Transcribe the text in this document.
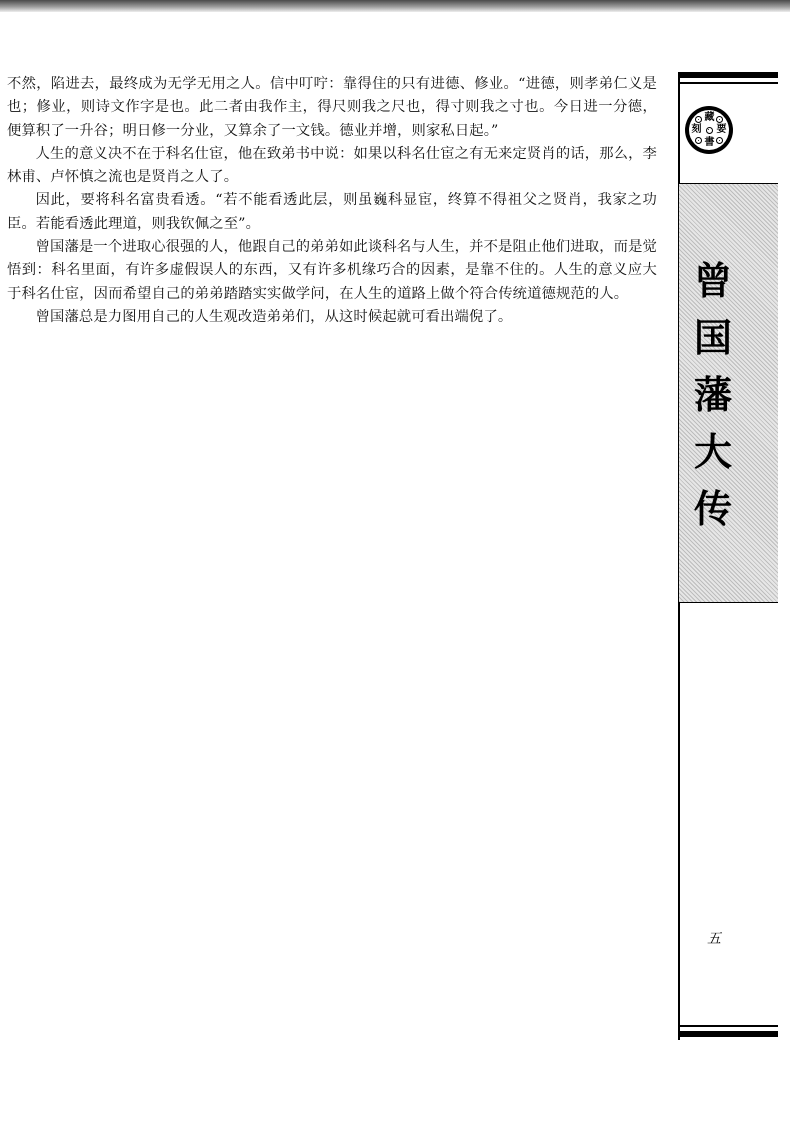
不然，陷进去，最终成为无学无用之人。信中叮咛：靠得住的只有进德、修业。“进德，则孝弟仁义是也；修业，则诗文作字是也。此二者由我作主，得尺则我之尺也，得寸则我之寸也。今日进一分德，便算积了一升谷；明日修一分业，又算余了一文钱。德业并增，则家私日起。”

人生的意义决不在于科名仕宦，他在致弟书中说：如果以科名仕宦之有无来定贤肖的话，那么，李林甫、卢怀慎之流也是贤肖之人了。

因此，要将科名富贵看透。“若不能看透此层，则虽巍科显宦，终算不得祖父之贤肖，我家之功臣。若能看透此理道，则我钦佩之至”。

曾国藩是一个进取心很强的人，他跟自己的弟弟如此谈科名与人生，并不是阻止他们进取，而是觉悟到：科名里面，有许多虚假误人的东西，又有许多机缘巧合的因素，是靠不住的。人生的意义应大于科名仕宦，因而希望自己的弟弟踏踏实实做学问，在人生的道路上做个符合传统道德规范的人。

曾国藩总是力图用自己的人生观改造弟弟们，从这时候起就可看出端倪了。

藏
要
書
刻
曾
国
藩
大
传
五
